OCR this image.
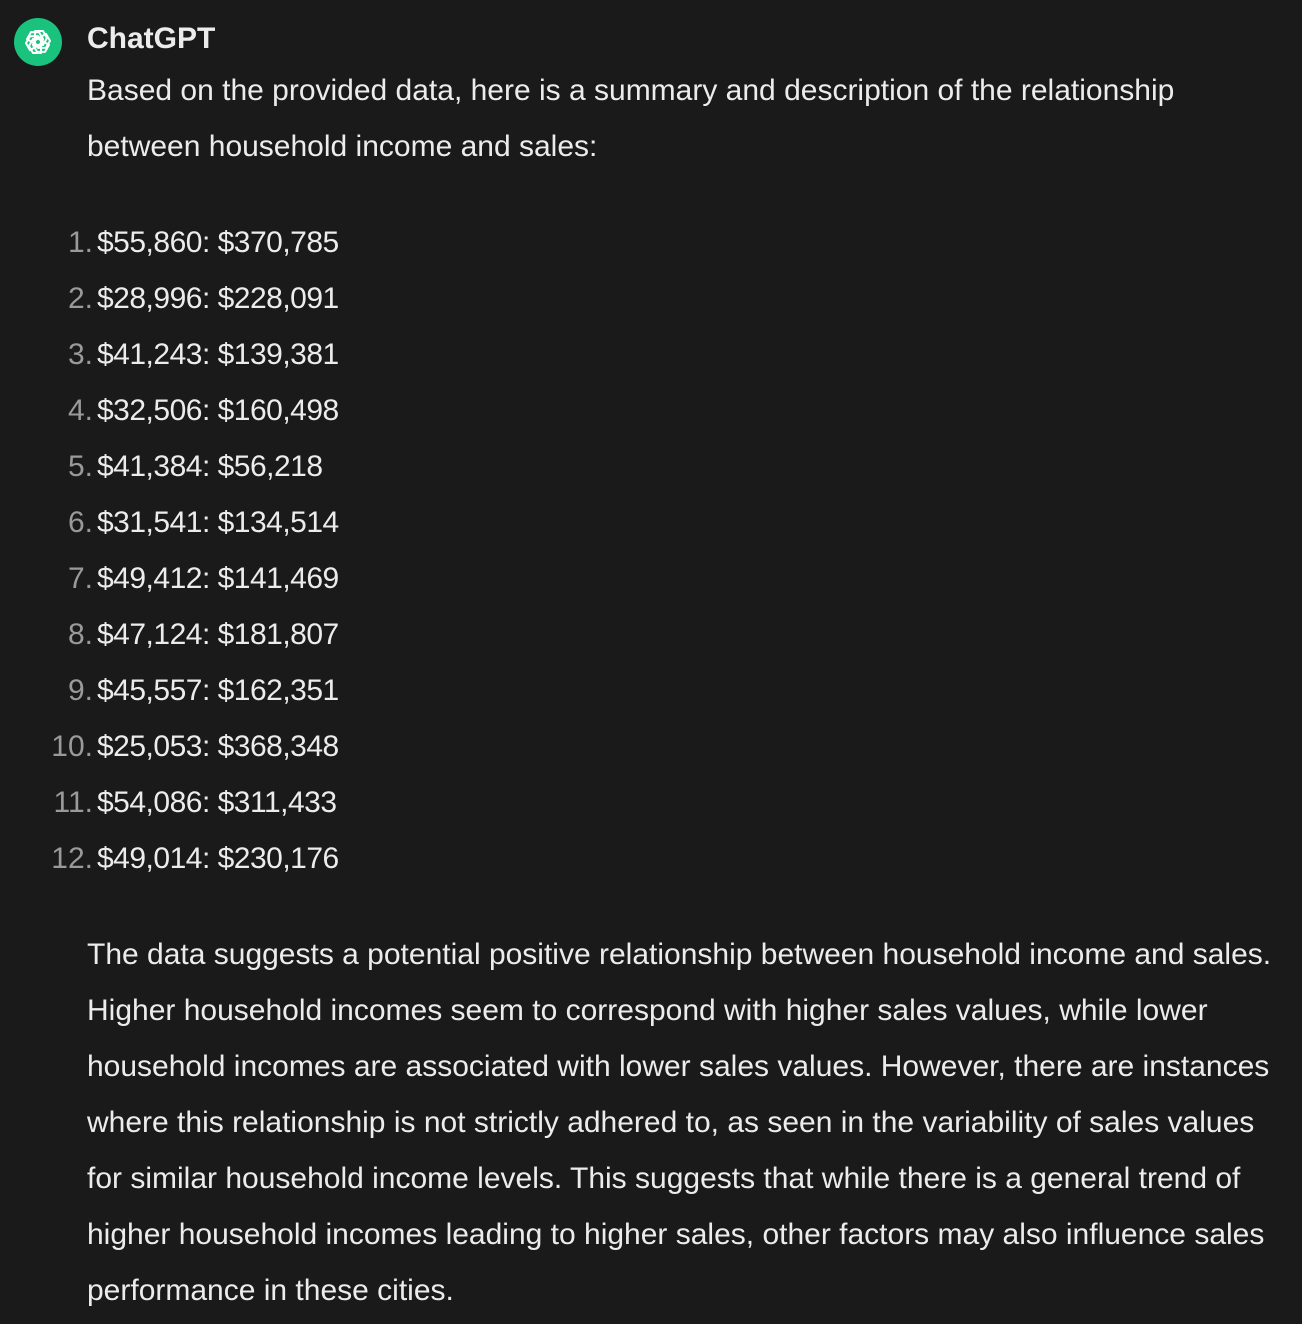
ChatGPT

Based on the provided data, here is a summary and description of the relationship between household income and sales:

1. $55,860: $370,785
2. $28,996: $228,091
3. $41,243: $139,381
4. $32,506: $160,498
5. $41,384: $56,218
6. $31,541: $134,514
7. $49,412: $141,469
8. $47,124: $181,807
9. $45,557: $162,351
10. $25,053: $368,348
11. $54,086: $311,433
12. $49,014: $230,176

The data suggests a potential positive relationship between household income and sales. Higher household incomes seem to correspond with higher sales values, while lower household incomes are associated with lower sales values. However, there are instances where this relationship is not strictly adhered to, as seen in the variability of sales values for similar household income levels. This suggests that while there is a general trend of higher household incomes leading to higher sales, other factors may also influence sales performance in these cities.
